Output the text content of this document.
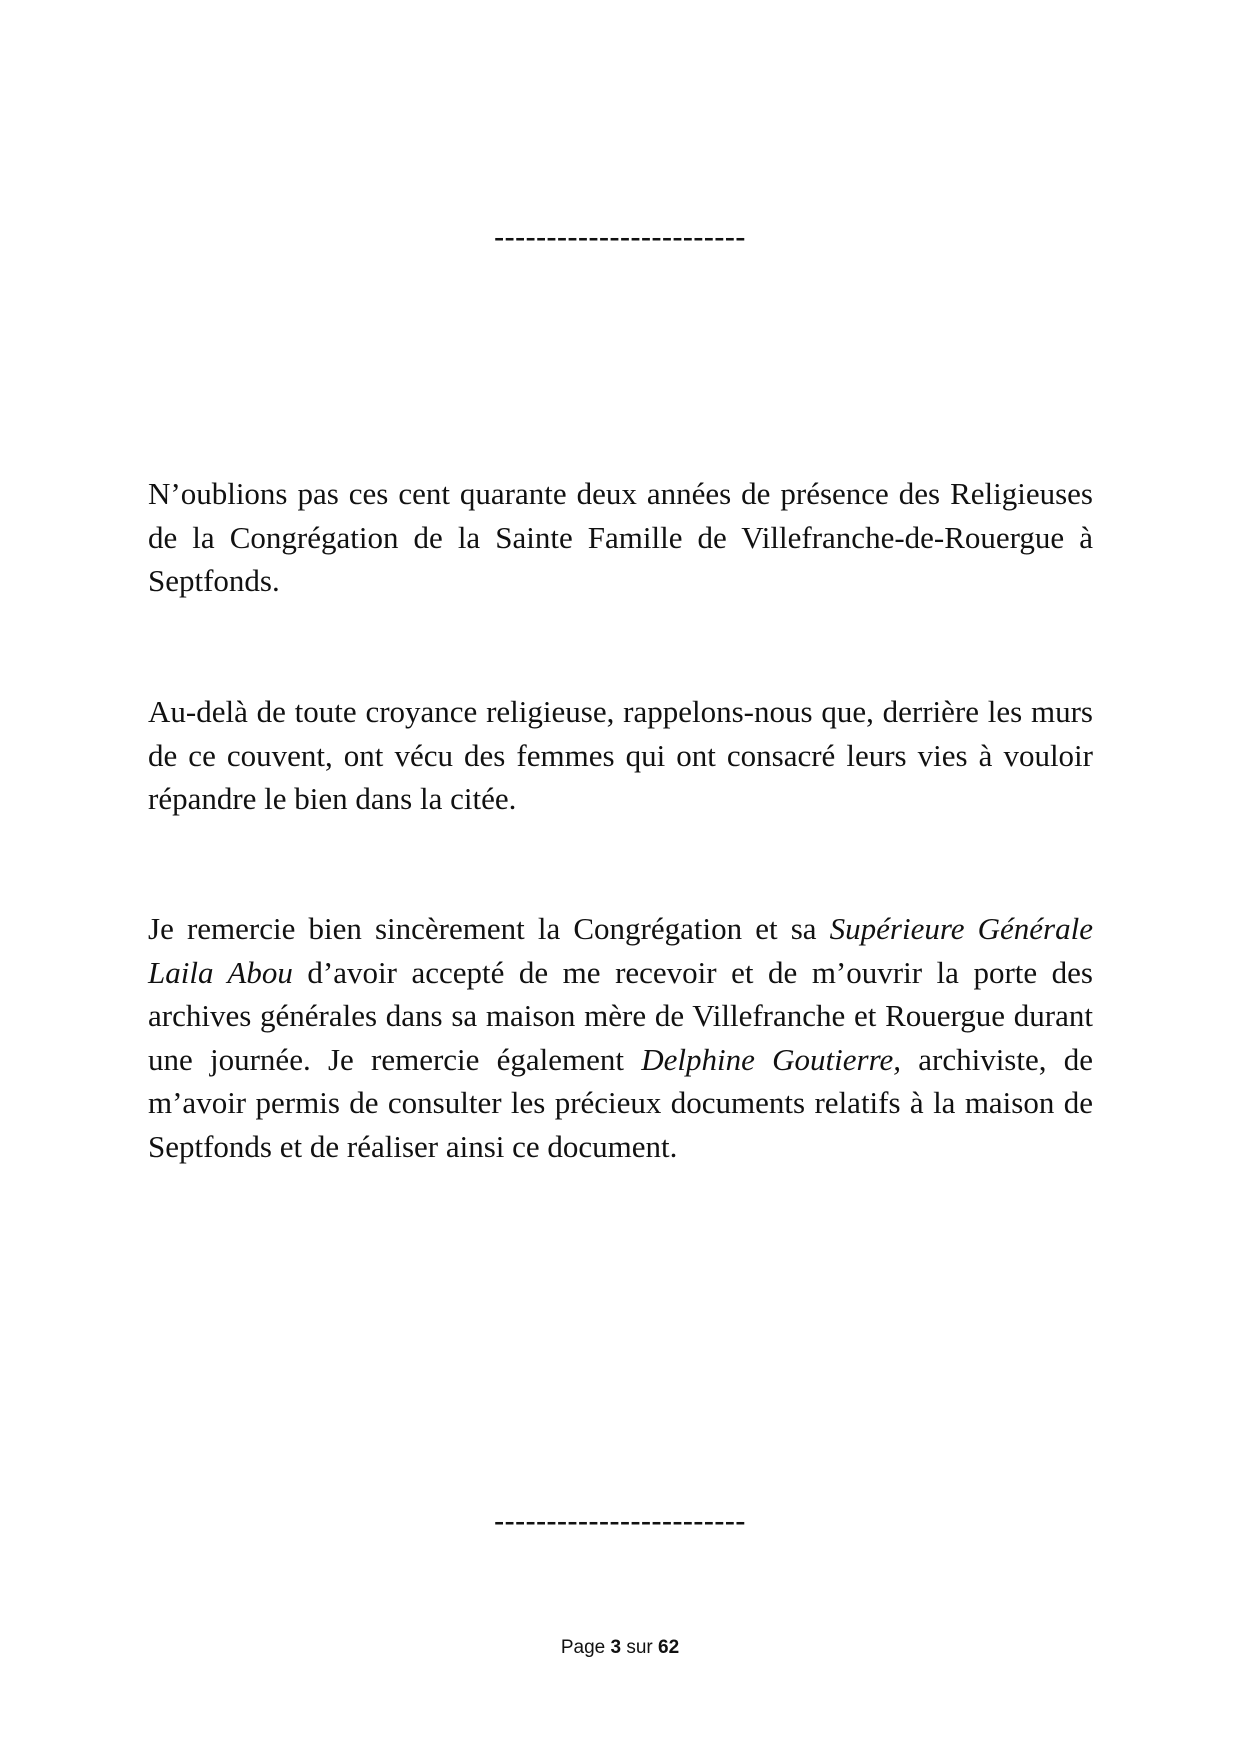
------------------------

N’oublions pas ces cent quarante deux années de présence des Religieuses de la Congrégation de la Sainte Famille de Villefranche-de-Rouergue à Septfonds.

Au-delà de toute croyance religieuse, rappelons-nous que, derrière les murs de ce couvent, ont vécu des femmes qui ont consacré leurs vies à vouloir répandre le bien dans la citée.

Je remercie bien sincèrement la Congrégation et sa Supérieure Générale Laila Abou d’avoir accepté de me recevoir et de m’ouvrir la porte des archives générales dans sa maison mère de Villefranche et Rouergue durant une journée. Je remercie également Delphine Goutierre, archiviste, de m’avoir permis de consulter les précieux documents relatifs à la maison de Septfonds et de réaliser ainsi ce document.

------------------------
Page 3 sur 62
